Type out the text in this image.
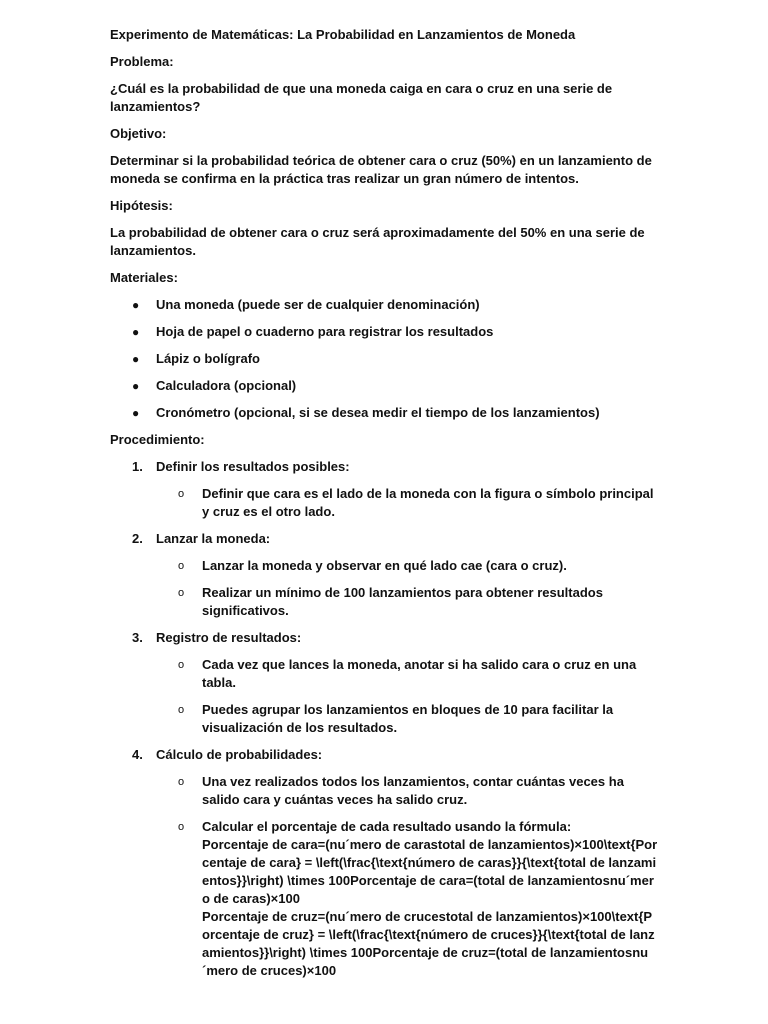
Experimento de Matemáticas: La Probabilidad en Lanzamientos de Moneda

Problema:

¿Cuál es la probabilidad de que una moneda caiga en cara o cruz en una serie de lanzamientos?

Objetivo:

Determinar si la probabilidad teórica de obtener cara o cruz (50%) en un lanzamiento de moneda se confirma en la práctica tras realizar un gran número de intentos.

Hipótesis:

La probabilidad de obtener cara o cruz será aproximadamente del 50% en una serie de lanzamientos.

Materiales:

● Una moneda (puede ser de cualquier denominación)
● Hoja de papel o cuaderno para registrar los resultados
● Lápiz o bolígrafo
● Calculadora (opcional)
● Cronómetro (opcional, si se desea medir el tiempo de los lanzamientos)

Procedimiento:

1. Definir los resultados posibles:
o Definir que cara es el lado de la moneda con la figura o símbolo principal y cruz es el otro lado.
2. Lanzar la moneda:
o Lanzar la moneda y observar en qué lado cae (cara o cruz).
o Realizar un mínimo de 100 lanzamientos para obtener resultados significativos.
3. Registro de resultados:
o Cada vez que lances la moneda, anotar si ha salido cara o cruz en una tabla.
o Puedes agrupar los lanzamientos en bloques de 10 para facilitar la visualización de los resultados.
4. Cálculo de probabilidades:
o Una vez realizados todos los lanzamientos, contar cuántas veces ha salido cara y cuántas veces ha salido cruz.
o Calcular el porcentaje de cada resultado usando la fórmula:
Porcentaje de cara=(nu´mero de carastotal de lanzamientos)×100\text{Porcentaje de cara} = \left(\frac{\text{número de caras}}{\text{total de lanzamientos}}\right) \times 100Porcentaje de cara=(total de lanzamientosnu´mero de caras)×100
Porcentaje de cruz=(nu´mero de crucestotal de lanzamientos)×100\text{Porcentaje de cruz} = \left(\frac{\text{número de cruces}}{\text{total de lanzamientos}}\right) \times 100Porcentaje de cruz=(total de lanzamientosnu´mero de cruces)×100
